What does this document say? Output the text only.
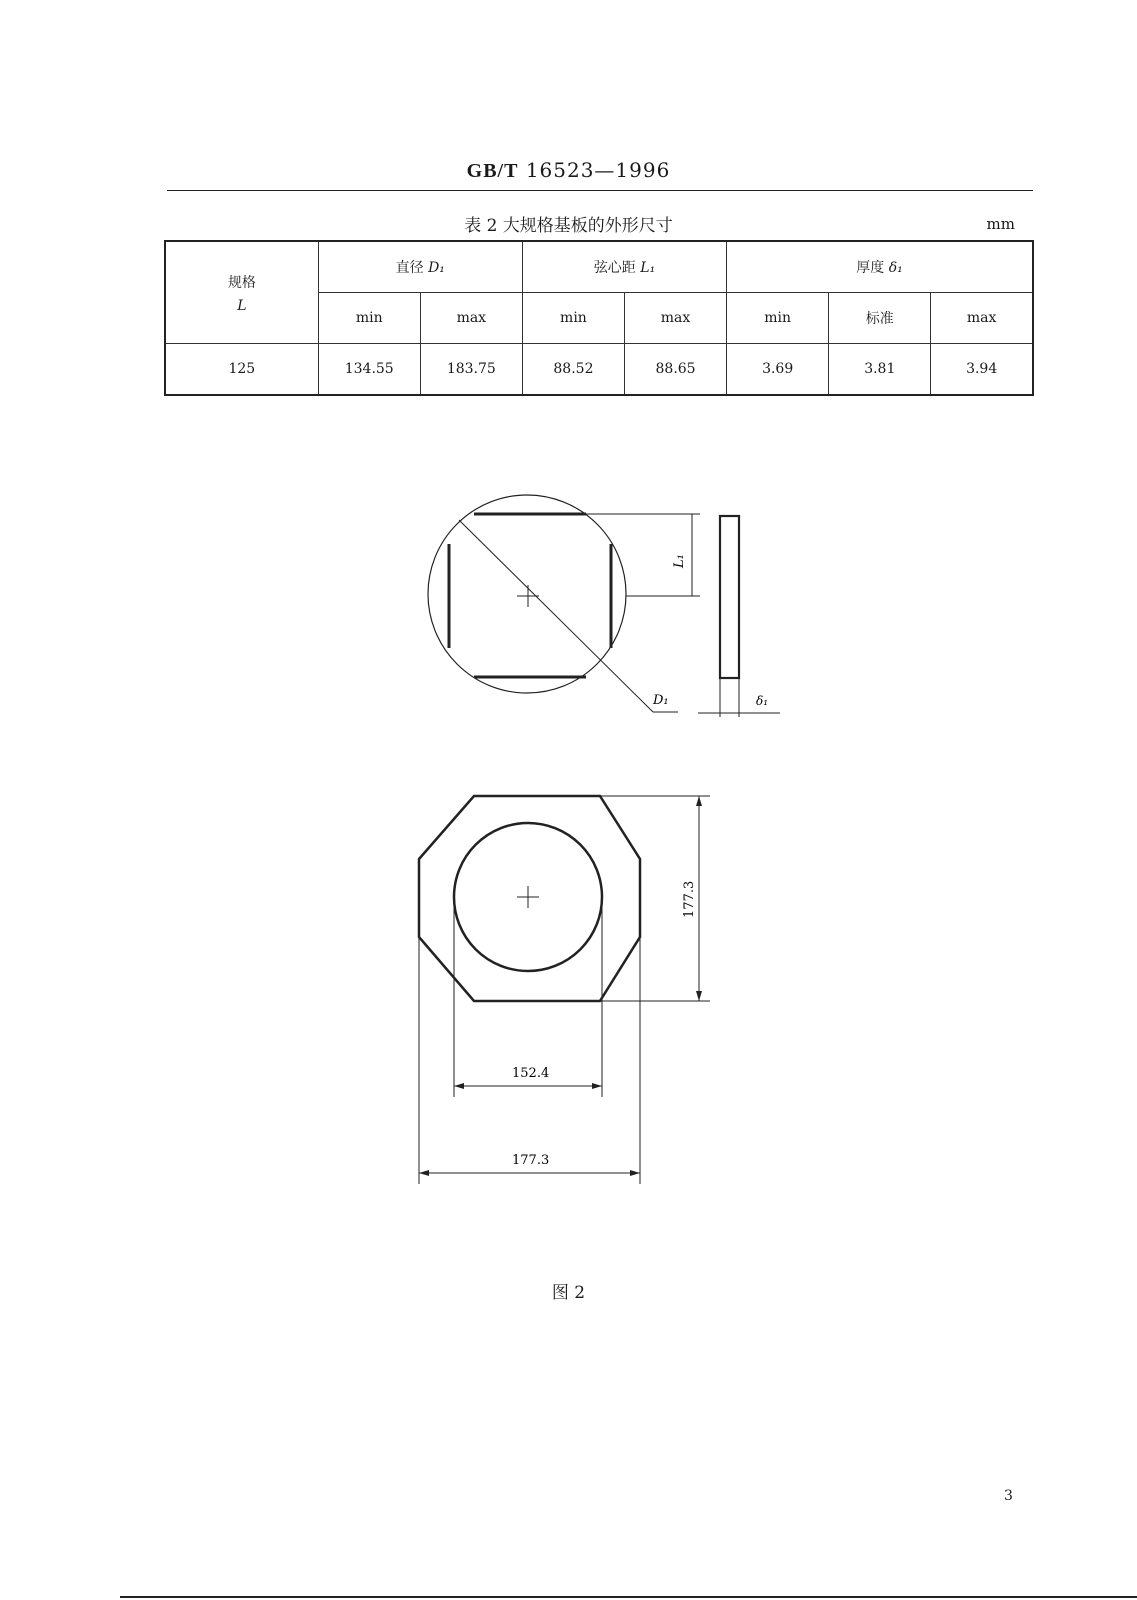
GB/T 16523—1996
表 2 大规格基板的外形尺寸	mm
规格
L	直径 D₁		弦心距 L₁		厚度 δ₁		
	min	max	min	max	min	标准	max
125	134.55	183.75	88.52	88.65	3.69	3.81	3.94
L₁
D₁	δ₁
177.3
152.4
177.3
图 2
3
